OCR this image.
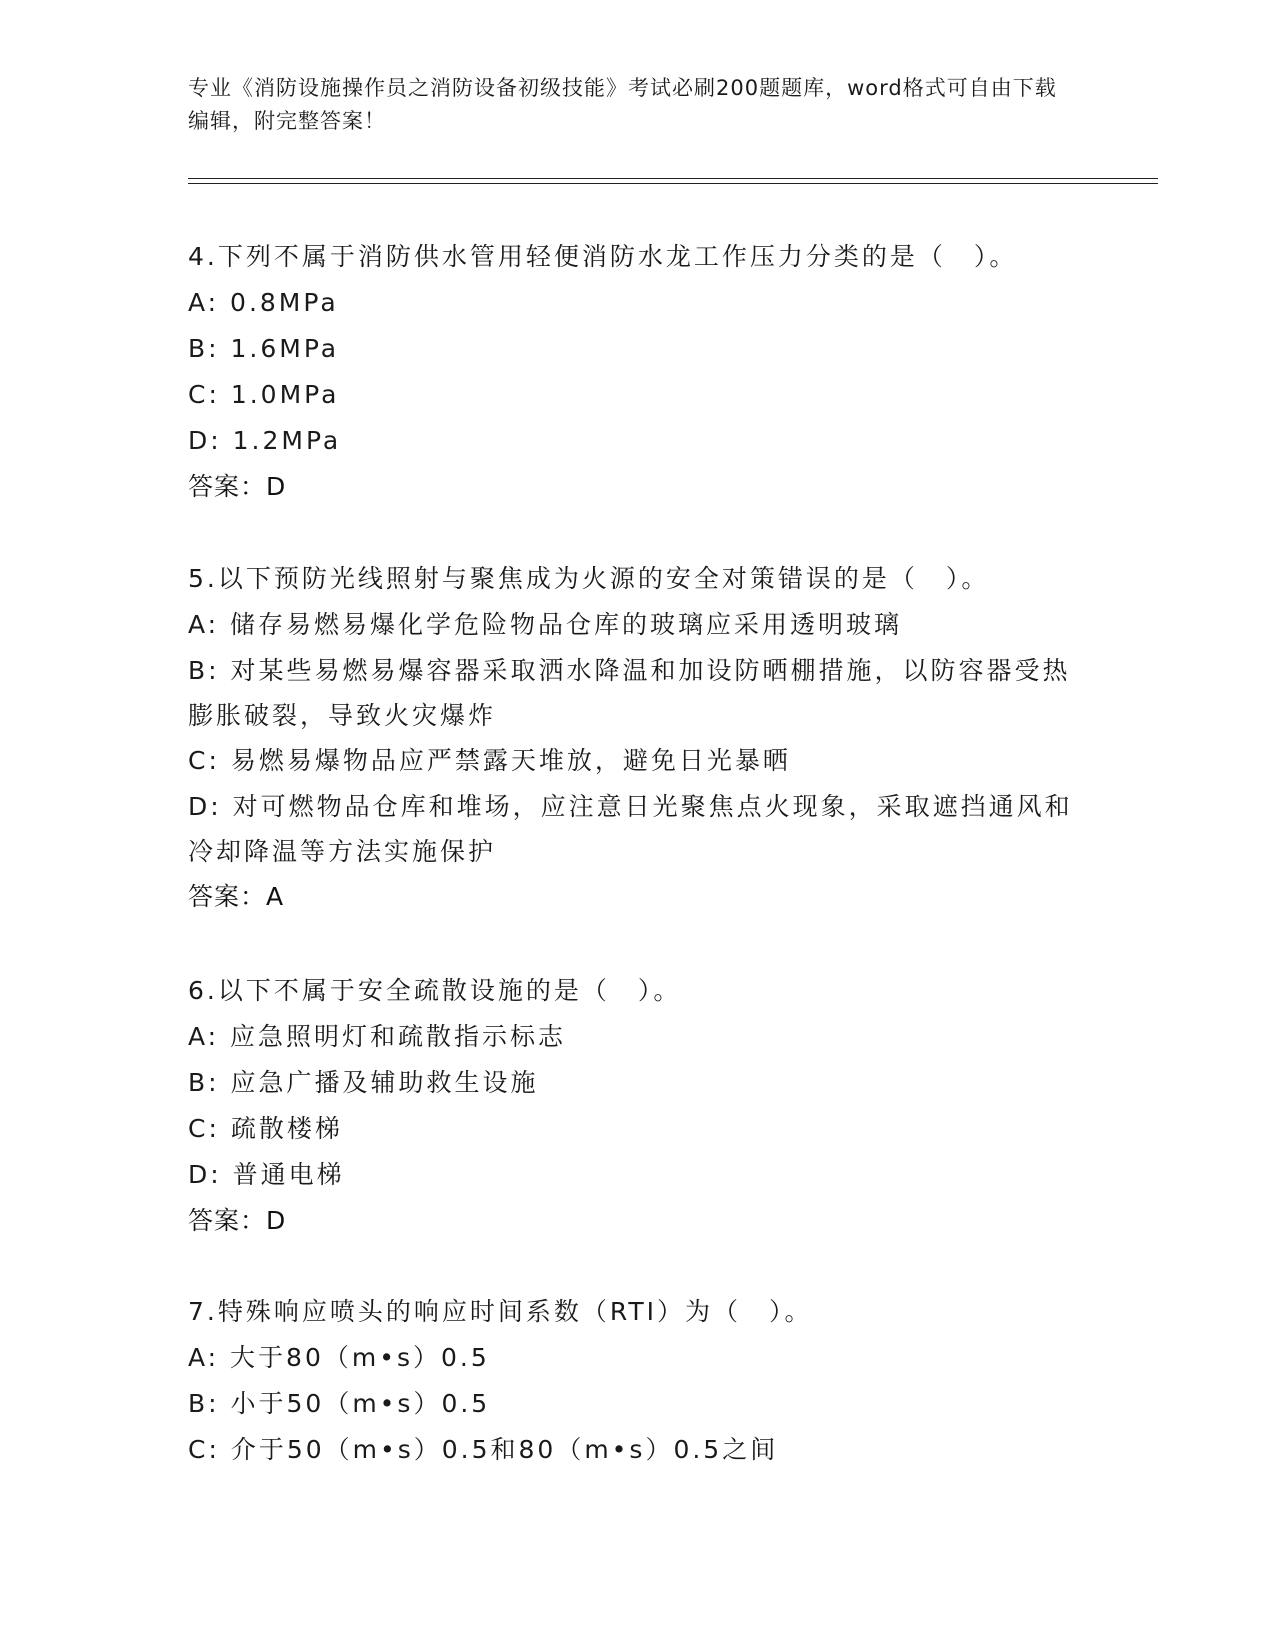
专业《消防设施操作员之消防设备初级技能》考试必刷200题题库，word格式可自由下载编辑，附完整答案！
4.下列不属于消防供水管用轻便消防水龙工作压力分类的是（　）。
A: 0.8MPa
B: 1.6MPa
C: 1.0MPa
D: 1.2MPa
答案：D
5.以下预防光线照射与聚焦成为火源的安全对策错误的是（　）。
A: 储存易燃易爆化学危险物品仓库的玻璃应采用透明玻璃
B: 对某些易燃易爆容器采取洒水降温和加设防晒棚措施，以防容器受热膨胀破裂，导致火灾爆炸
C: 易燃易爆物品应严禁露天堆放，避免日光暴晒
D: 对可燃物品仓库和堆场，应注意日光聚焦点火现象，采取遮挡通风和冷却降温等方法实施保护
答案：A
6.以下不属于安全疏散设施的是（　）。
A: 应急照明灯和疏散指示标志
B: 应急广播及辅助救生设施
C: 疏散楼梯
D: 普通电梯
答案：D
7.特殊响应喷头的响应时间系数（RTI）为（　）。
A: 大于80（m•s）0.5
B: 小于50（m•s）0.5
C: 介于50（m•s）0.5和80（m•s）0.5之间
